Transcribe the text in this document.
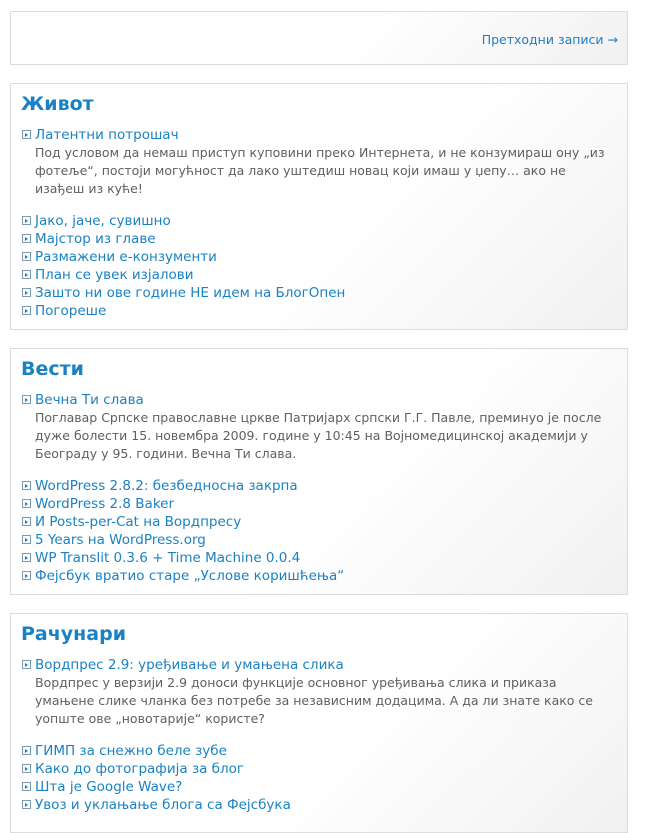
Претходни записи →
Живот
Латентни потрошач

Под условом да немаш приступ куповини преко Интернета, и не конзумираш ону „из фотеље“, постоји могућност да лако уштедиш новац који имаш у џепу… ако не изађеш из куће!

Јако, јаче, сувишно
Мајстор из главе
Размажени е-конзументи
План се увек изјалови
Зашто ни ове године НЕ идем на БлогОпен
Погореше
Вести
Вечна Ти слава

Поглавар Српске православне цркве Патријарх српски Г.Г. Павле, преминуо је после дуже болести 15. новембра 2009. године у 10:45 на Војномедицинској академији у Београду у 95. години. Вечна Ти слава.

WordPress 2.8.2: безбедносна закрпа
WordPress 2.8 Baker
И Posts-per-Cat на Вордпресу
5 Years на WordPress.org
WP Translit 0.3.6 + Time Machine 0.0.4
Фејсбук вратио старе „Услове коришћења“
Рачунари
Вордпрес 2.9: уређивање и умањена слика

Вордпрес у верзији 2.9 доноси функције основног уређивања слика и приказа умањене слике чланка без потребе за независним додацима. А да ли знате како се уопште ове „новотарије“ користе?

ГИМП за снежно беле зубе
Како до фотографија за блог
Шта је Google Wave?
Увоз и уклањање блога са Фејсбука
